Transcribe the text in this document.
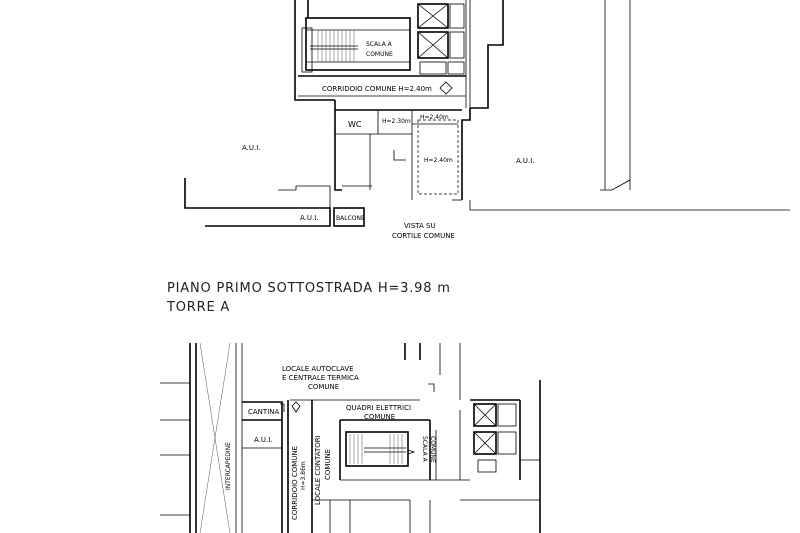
SCALA A
COMUNE
CORRIDOIO COMUNE H=2.40m
WC	H=2.30m
H=2.40m
H=2.40m
BALCONE
A.U.I.
A.U.I.
A.U.I.
VISTA SU
CORTILE COMUNE
PIANO PRIMO SOTTOSTRADA H=3.98 m
TORRE A
INTERCAPEDINE	SCALA A COMUNE
LOCALE AUTOCLAVE
E CENTRALE TERMICA
COMUNE
QUADRI ELETTRICI
COMUNE
CANTINA
A.U.I.	LOCALE CONTATORI COMUNE
CORRIDOIO COMUNE H=3.86m
